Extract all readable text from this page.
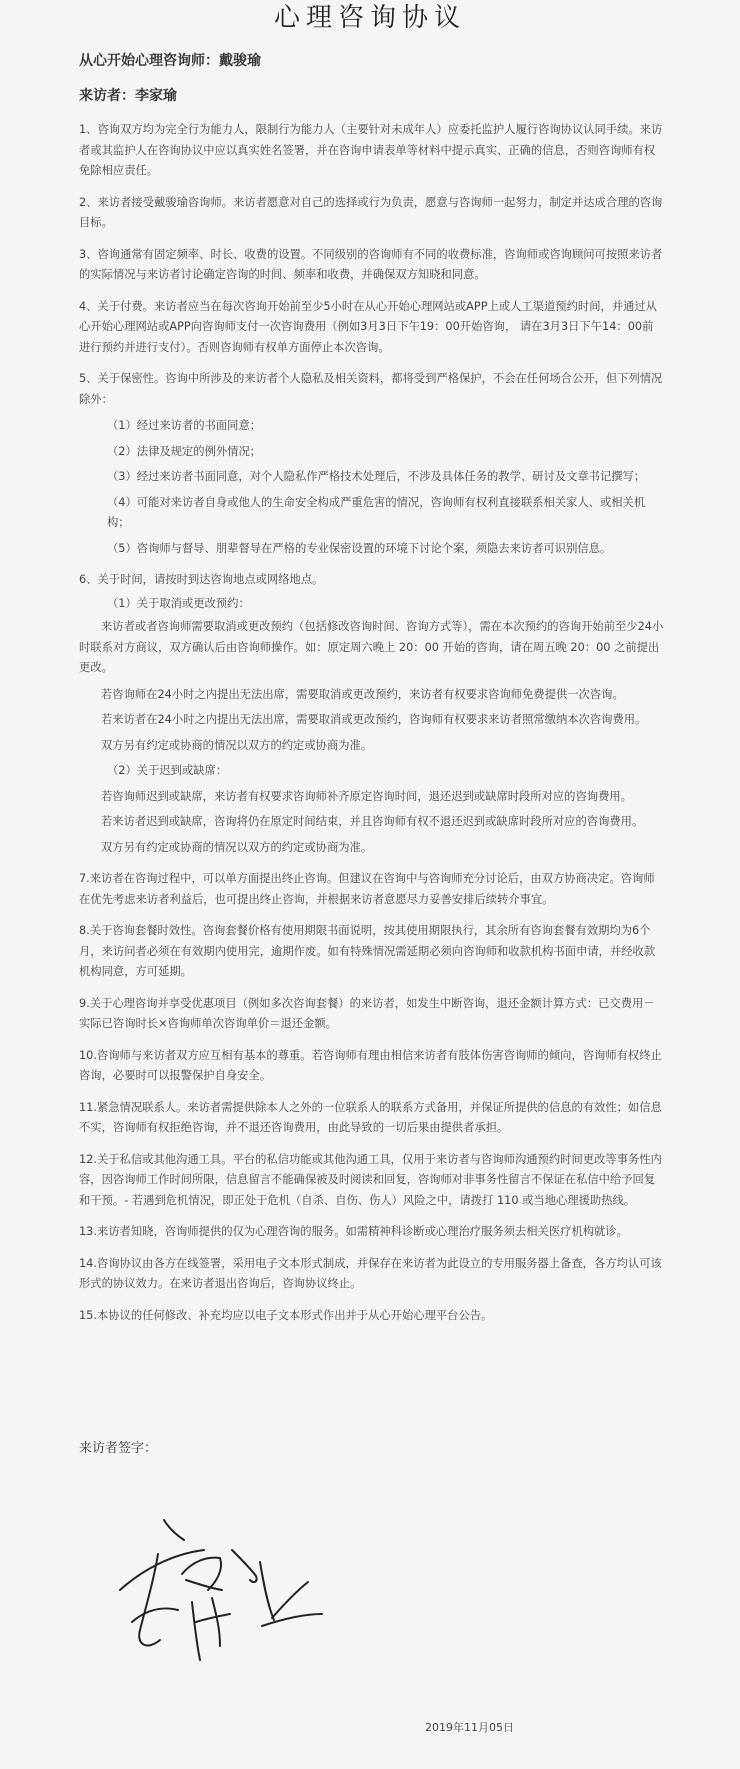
心理咨询协议
从心开始心理咨询师：戴骏瑜
来访者：李家瑜

1、咨询双方均为完全行为能力人，限制行为能力人（主要针对未成年人）应委托监护人履行咨询协议认同手续。来访者或其监护人在咨询协议中应以真实姓名签署，并在咨询申请表单等材料中提示真实、正确的信息，否则咨询师有权免除相应责任。

2、来访者接受戴骏瑜咨询师。来访者愿意对自己的选择或行为负责，愿意与咨询师一起努力，制定并达成合理的咨询目标。

3、咨询通常有固定频率、时长、收费的设置。不同级别的咨询师有不同的收费标准，咨询师或咨询顾问可按照来访者的实际情况与来访者讨论确定咨询的时间、频率和收费，并确保双方知晓和同意。

4、关于付费。来访者应当在每次咨询开始前至少5小时在从心开始心理网站或APP上或人工渠道预约时间，并通过从心开始心理网站或APP向咨询师支付一次咨询费用（例如3月3日下午19：00开始咨询， 请在3月3日下午14：00前进行预约并进行支付）。否则咨询师有权单方面停止本次咨询。

5、关于保密性。咨询中所涉及的来访者个人隐私及相关资料，都将受到严格保护，不会在任何场合公开，但下列情况除外：

（1）经过来访者的书面同意；

（2）法律及规定的例外情况；

（3）经过来访者书面同意，对个人隐私作严格技术处理后，不涉及具体任务的教学、研讨及文章书记撰写；

（4）可能对来访者自身或他人的生命安全构成严重危害的情况，咨询师有权利直接联系相关家人、或相关机构；

（5）咨询师与督导、朋辈督导在严格的专业保密设置的环境下讨论个案，须隐去来访者可识别信息。

6、关于时间，请按时到达咨询地点或网络地点。

（1）关于取消或更改预约：

来访者或者咨询师需要取消或更改预约（包括修改咨询时间、咨询方式等），需在本次预约的咨询开始前至少24小时联系对方商议，双方确认后由咨询师操作。如：原定周六晚上 20：00 开始的咨询，请在周五晚 20：00 之前提出更改。

若咨询师在24小时之内提出无法出席，需要取消或更改预约，来访者有权要求咨询师免费提供一次咨询。

若来访者在24小时之内提出无法出席，需要取消或更改预约，咨询师有权要求来访者照常缴纳本次咨询费用。

双方另有约定或协商的情况以双方的约定或协商为准。

（2）关于迟到或缺席：

若咨询师迟到或缺席，来访者有权要求咨询师补齐原定咨询时间，退还迟到或缺席时段所对应的咨询费用。

若来访者迟到或缺席，咨询将仍在原定时间结束，并且咨询师有权不退还迟到或缺席时段所对应的咨询费用。

双方另有约定或协商的情况以双方的约定或协商为准。

7.来访者在咨询过程中，可以单方面提出终止咨询。但建议在咨询中与咨询师充分讨论后，由双方协商决定。咨询师在优先考虑来访者利益后，也可提出终止咨询，并根据来访者意愿尽力妥善安排后续转介事宜。

8.关于咨询套餐时效性。咨询套餐价格有使用期限书面说明，按其使用期限执行，其余所有咨询套餐有效期均为6个月，来访问者必须在有效期内使用完，逾期作废。如有特殊情况需延期必须向咨询师和收款机构书面申请，并经收款机构同意，方可延期。

9.关于心理咨询并享受优惠项目（例如多次咨询套餐）的来访者，如发生中断咨询，退还金额计算方式：已交费用－实际已咨询时长×咨询师单次咨询单价＝退还金额。

10.咨询师与来访者双方应互相有基本的尊重。若咨询师有理由相信来访者有肢体伤害咨询师的倾向，咨询师有权终止咨询，必要时可以报警保护自身安全。

11.紧急情况联系人。来访者需提供除本人之外的一位联系人的联系方式备用，并保证所提供的信息的有效性；如信息不实，咨询师有权拒绝咨询，并不退还咨询费用，由此导致的一切后果由提供者承担。

12.关于私信或其他沟通工具。平台的私信功能或其他沟通工具，仅用于来访者与咨询师沟通预约时间更改等事务性内容，因咨询师工作时间所限，信息留言不能确保被及时阅读和回复，咨询师对非事务性留言不保证在私信中给予回复和干预。- 若遇到危机情况，即正处于危机（自杀、自伤、伤人）风险之中，请拨打 110 或当地心理援助热线。

13.来访者知晓，咨询师提供的仅为心理咨询的服务。如需精神科诊断或心理治疗服务须去相关医疗机构就诊。

14.咨询协议由各方在线签署，采用电子文本形式制成，并保存在来访者为此设立的专用服务器上备查，各方均认可该形式的协议效力。在来访者退出咨询后，咨询协议终止。

15.本协议的任何修改、补充均应以电子文本形式作出并于从心开始心理平台公告。

来访者签字：
2019年11月05日
